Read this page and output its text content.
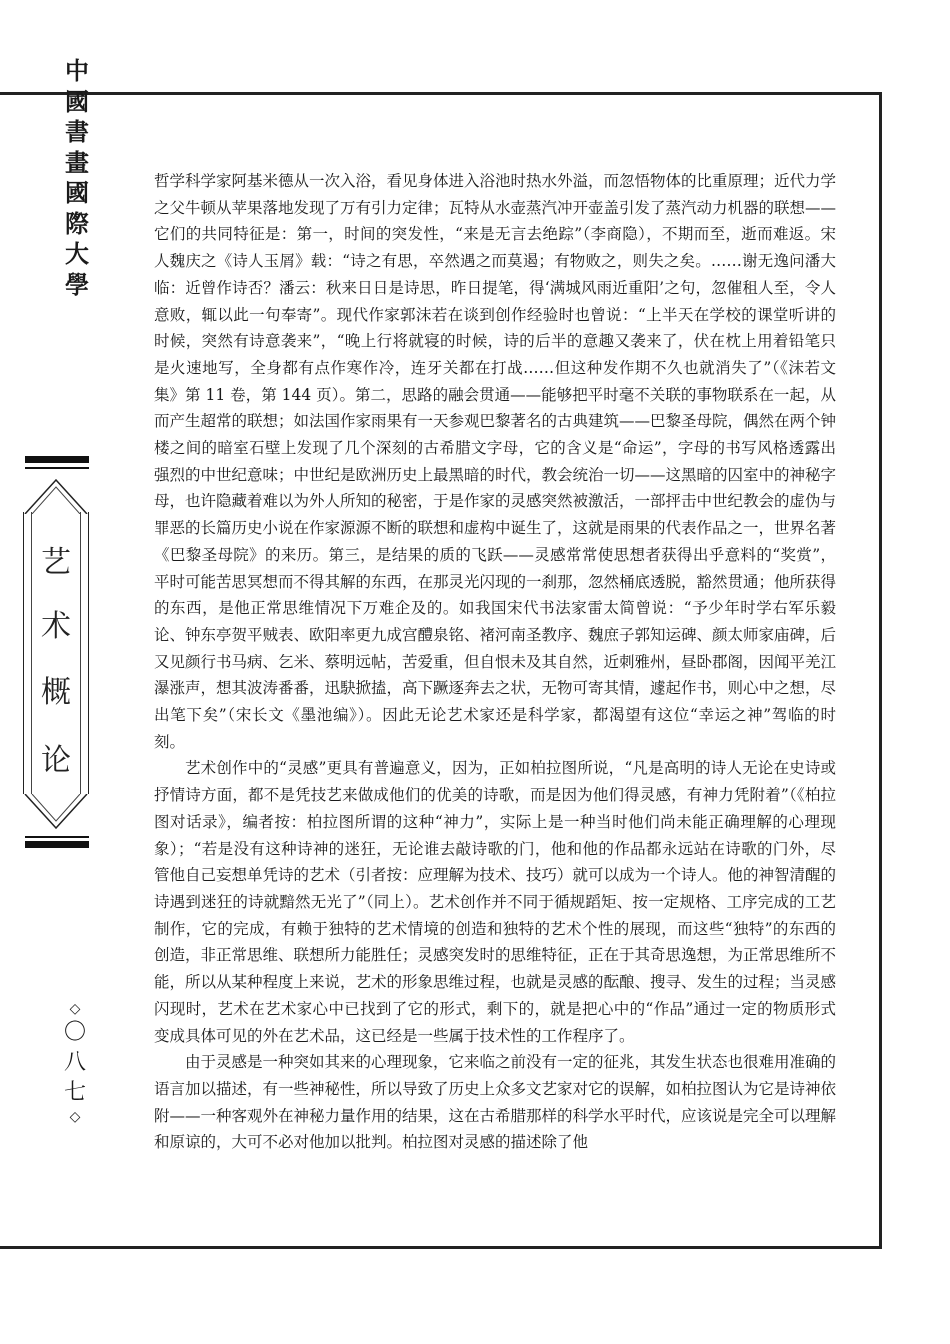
中國書畫國際大學
艺
术
概
论
◇
〇
八
七
◇

哲学科学家阿基米德从一次入浴，看见身体进入浴池时热水外溢，而忽悟物体的比重原理；近代力学之父牛顿从苹果落地发现了万有引力定律；瓦特从水壶蒸汽冲开壶盖引发了蒸汽动力机器的联想——它们的共同特征是：第一，时间的突发性，“来是无言去绝踪”（李商隐），不期而至，逝而难返。宋人魏庆之《诗人玉屑》载：“诗之有思，卒然遇之而莫遏；有物败之，则失之矣。……谢无逸问潘大临：近曾作诗否？潘云：秋来日日是诗思，昨日提笔，得‘满城风雨近重阳’之句，忽催租人至，令人意败，辄以此一句奉寄”。现代作家郭沫若在谈到创作经验时也曾说：“上半天在学校的课堂听讲的时候，突然有诗意袭来”，“晚上行将就寝的时候，诗的后半的意趣又袭来了，伏在枕上用着铅笔只是火速地写，全身都有点作寒作冷，连牙关都在打战……但这种发作期不久也就消失了”（《沫若文集》第 11 卷，第 144 页）。第二，思路的融会贯通——能够把平时毫不关联的事物联系在一起，从而产生超常的联想；如法国作家雨果有一天参观巴黎著名的古典建筑——巴黎圣母院，偶然在两个钟楼之间的暗室石壁上发现了几个深刻的古希腊文字母，它的含义是“命运”，字母的书写风格透露出强烈的中世纪意味；中世纪是欧洲历史上最黑暗的时代，教会统治一切——这黑暗的囚室中的神秘字母，也许隐藏着难以为外人所知的秘密，于是作家的灵感突然被激活，一部抨击中世纪教会的虚伪与罪恶的长篇历史小说在作家源源不断的联想和虚构中诞生了，这就是雨果的代表作品之一，世界名著《巴黎圣母院》的来历。第三，是结果的质的飞跃——灵感常常使思想者获得出乎意料的“奖赏”，平时可能苦思冥想而不得其解的东西，在那灵光闪现的一刹那，忽然桶底透脱，豁然贯通；他所获得的东西，是他正常思维情况下万难企及的。如我国宋代书法家雷太简曾说：“予少年时学右军乐毅论、钟东亭贺平贼表、欧阳率更九成宫醴泉铭、褚河南圣教序、魏庶子郭知运碑、颜太师家庙碑，后又见颜行书马病、乞米、蔡明远帖，苦爱重，但自恨未及其自然，近刺雅州，昼卧郡阁，因闻平羌江瀑涨声，想其波涛番番，迅駃掀搕，高下蹶逐奔去之状，无物可寄其情，遽起作书，则心中之想，尽出笔下矣”（宋长文《墨池编》）。因此无论艺术家还是科学家，都渴望有这位“幸运之神”驾临的时刻。

艺术创作中的“灵感”更具有普遍意义，因为，正如柏拉图所说，“凡是高明的诗人无论在史诗或抒情诗方面，都不是凭技艺来做成他们的优美的诗歌，而是因为他们得灵感，有神力凭附着”（《柏拉图对话录》，编者按：柏拉图所谓的这种“神力”，实际上是一种当时他们尚未能正确理解的心理现象）；“若是没有这种诗神的迷狂，无论谁去敲诗歌的门，他和他的作品都永远站在诗歌的门外，尽管他自己妄想单凭诗的艺术（引者按：应理解为技术、技巧）就可以成为一个诗人。他的神智清醒的诗遇到迷狂的诗就黯然无光了”（同上）。艺术创作并不同于循规蹈矩、按一定规格、工序完成的工艺制作，它的完成，有赖于独特的艺术情境的创造和独特的艺术个性的展现，而这些“独特”的东西的创造，非正常思维、联想所力能胜任；灵感突发时的思维特征，正在于其奇思逸想，为正常思维所不能，所以从某种程度上来说，艺术的形象思维过程，也就是灵感的酝酿、搜寻、发生的过程；当灵感闪现时，艺术在艺术家心中已找到了它的形式，剩下的，就是把心中的“作品”通过一定的物质形式变成具体可见的外在艺术品，这已经是一些属于技术性的工作程序了。

由于灵感是一种突如其来的心理现象，它来临之前没有一定的征兆，其发生状态也很难用准确的语言加以描述，有一些神秘性，所以导致了历史上众多文艺家对它的误解，如柏拉图认为它是诗神依附——一种客观外在神秘力量作用的结果，这在古希腊那样的科学水平时代，应该说是完全可以理解和原谅的，大可不必对他加以批判。柏拉图对灵感的描述除了他
